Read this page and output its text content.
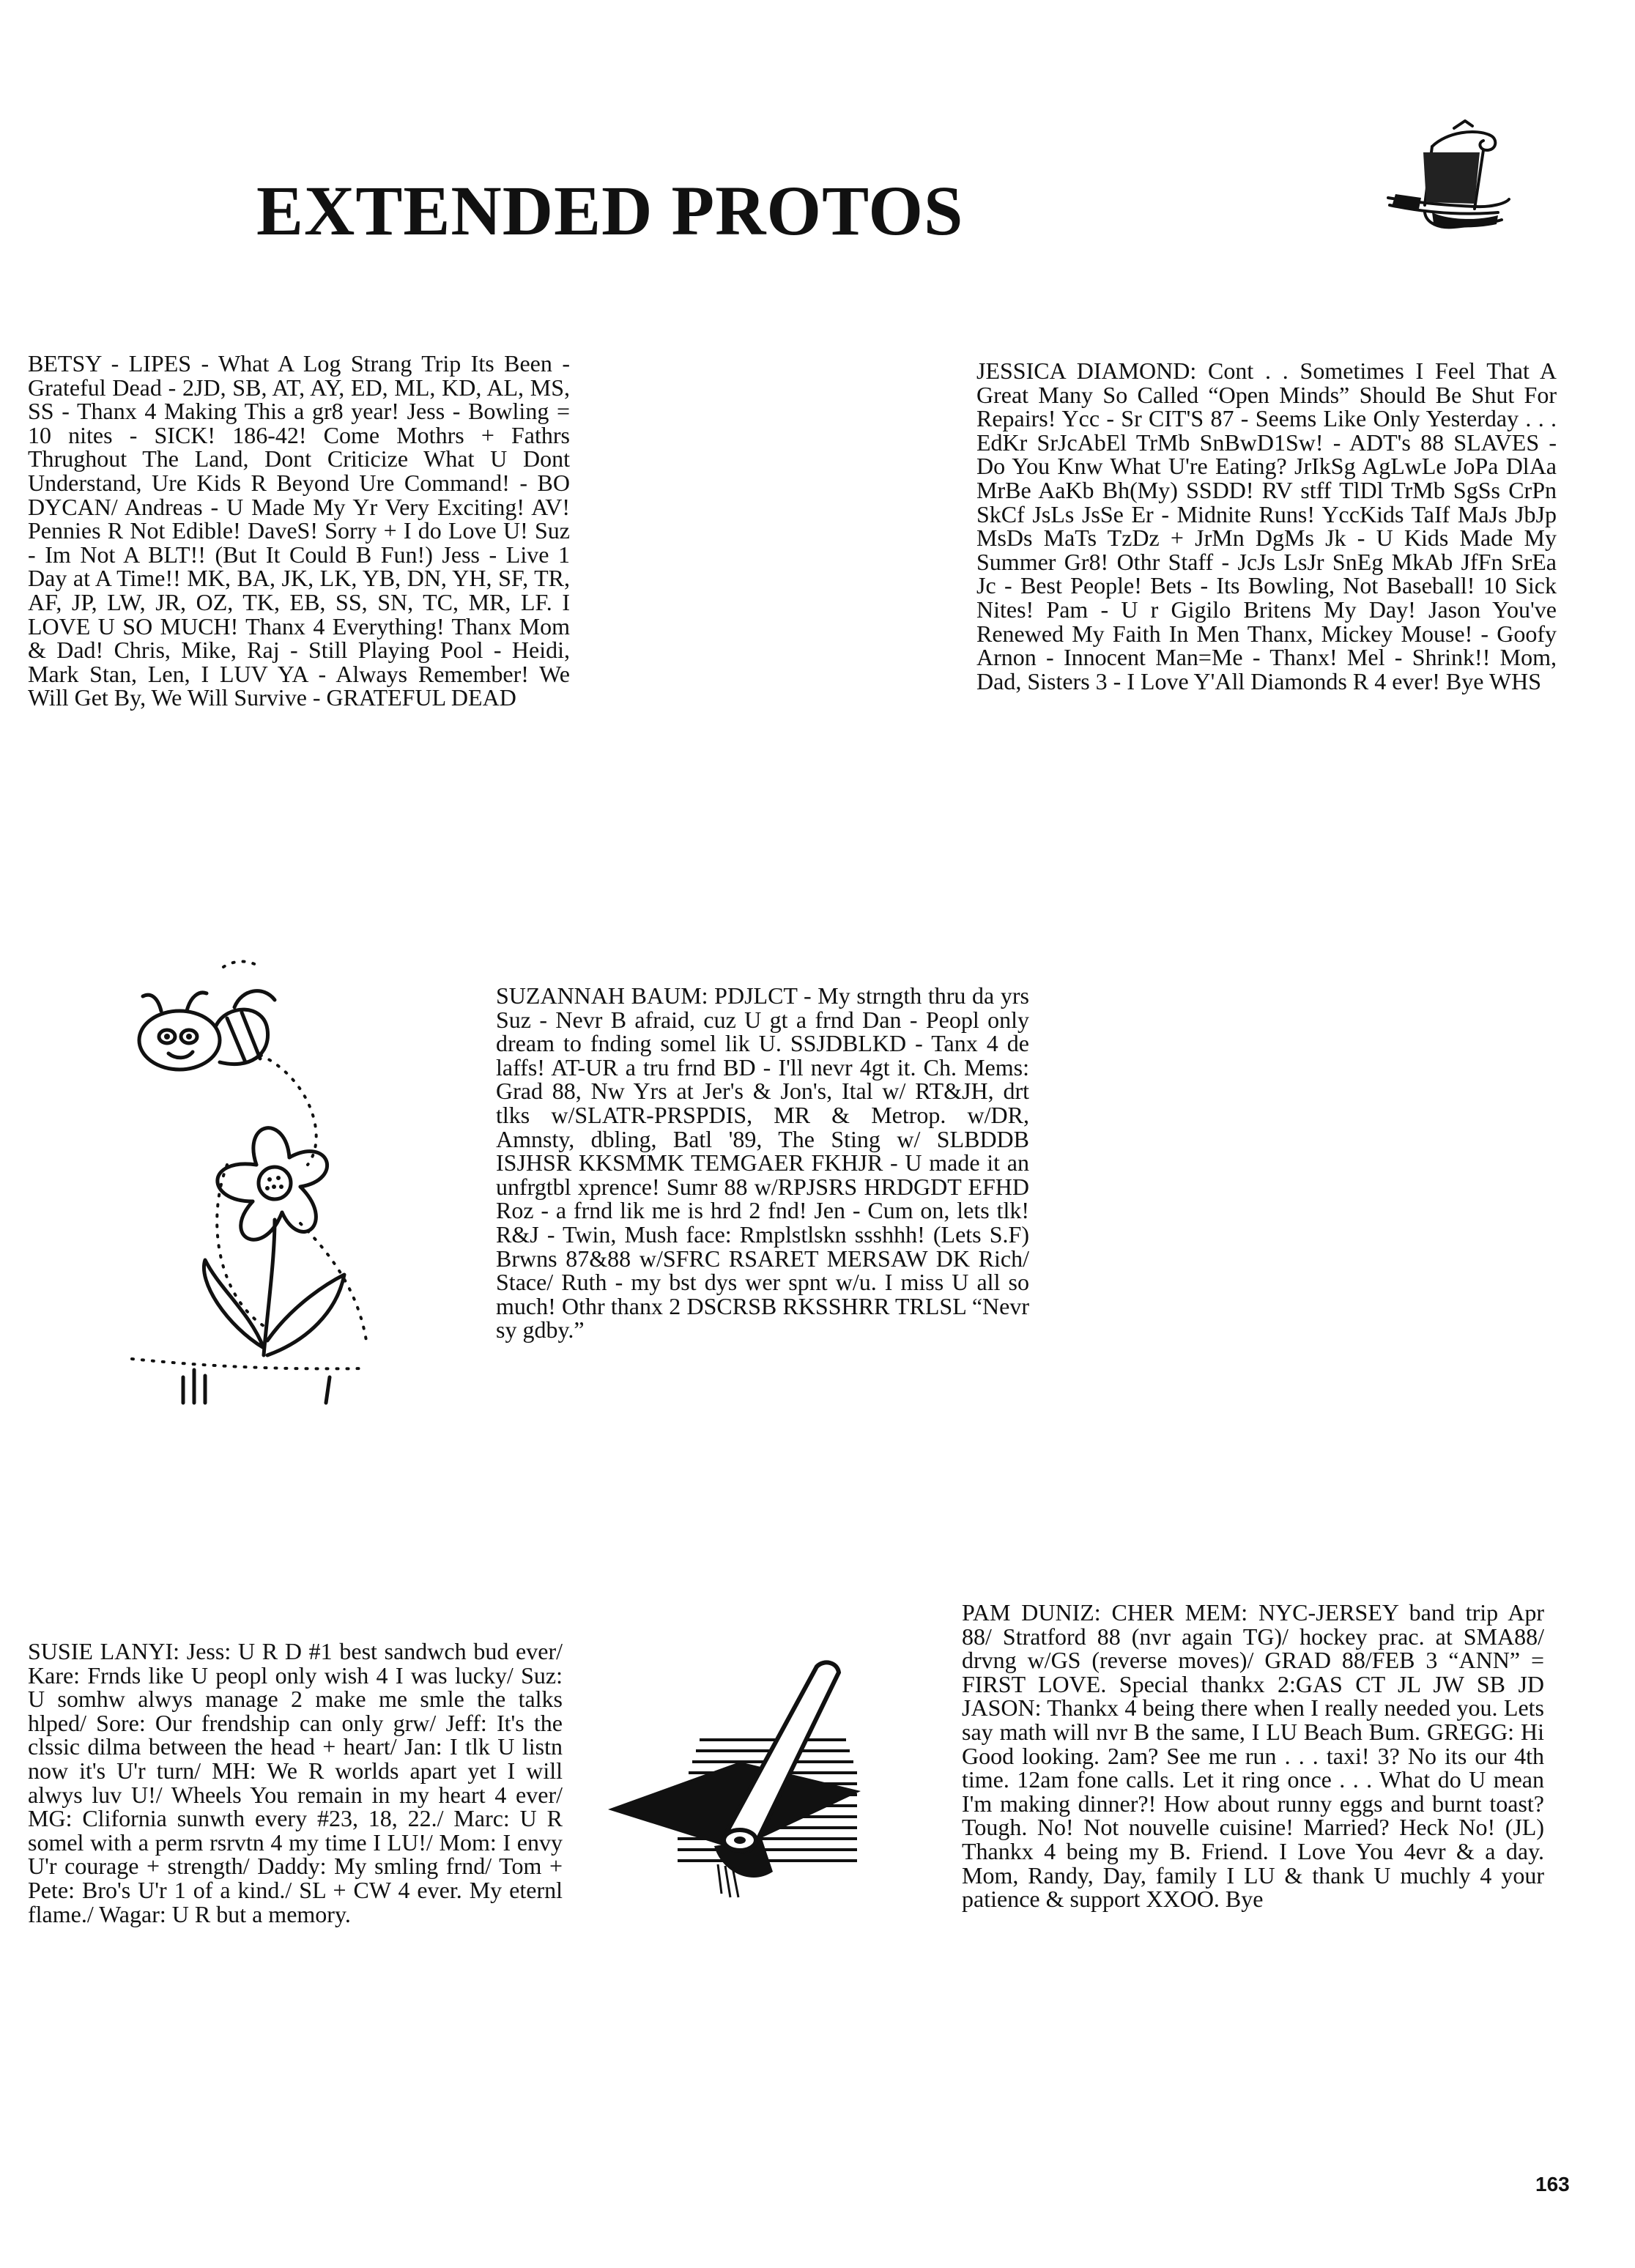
EXTENDED PROTOS

BETSY - LIPES - What A Log Strang Trip Its Been - Grateful Dead - 2JD, SB, AT, AY, ED, ML, KD, AL, MS, SS - Thanx 4 Making This a gr8 year! Jess - Bowling = 10 nites - SICK! 186-42! Come Mothrs + Fathrs Thrughout The Land, Dont Criticize What U Dont Understand, Ure Kids R Beyond Ure Command! - BO DYCAN/ Andreas - U Made My Yr Very Exciting! AV! Pennies R Not Edible! DaveS! Sorry + I do Love U! Suz - Im Not A BLT!! (But It Could B Fun!) Jess - Live 1 Day at A Time!! MK, BA, JK, LK, YB, DN, YH, SF, TR, AF, JP, LW, JR, OZ, TK, EB, SS, SN, TC, MR, LF. I LOVE U SO MUCH! Thanx 4 Everything! Thanx Mom & Dad! Chris, Mike, Raj - Still Playing Pool - Heidi, Mark Stan, Len, I LUV YA - Always Remember! We Will Get By, We Will Survive - GRATEFUL DEAD

JESSICA DIAMOND: Cont . . Sometimes I Feel That A Great Many So Called “Open Minds” Should Be Shut For Repairs! Ycc - Sr CIT'S 87 - Seems Like Only Yesterday . . . EdKr SrJcAbEl TrMb SnBwD1Sw! - ADT's 88 SLAVES - Do You Knw What U're Eating? JrIkSg AgLwLe JoPa DlAa MrBe AaKb Bh(My) SSDD! RV stff TlDl TrMb SgSs CrPn SkCf JsLs JsSe Er - Midnite Runs! YccKids TaIf MaJs JbJp MsDs MaTs TzDz + JrMn DgMs Jk - U Kids Made My Summer Gr8! Othr Staff - JcJs LsJr SnEg MkAb JfFn SrEa Jc - Best People! Bets - Its Bowling, Not Baseball! 10 Sick Nites! Pam - U r Gigilo Britens My Day! Jason You've Renewed My Faith In Men Thanx, Mickey Mouse! - Goofy Arnon - Innocent Man=Me - Thanx! Mel - Shrink!! Mom, Dad, Sisters 3 - I Love Y'All Diamonds R 4 ever! Bye WHS

SUZANNAH BAUM: PDJLCT - My strngth thru da yrs Suz - Nevr B afraid, cuz U gt a frnd Dan - Peopl only dream to fnding somel lik U. SSJDBLKD - Tanx 4 de laffs! AT-UR a tru frnd BD - I'll nevr 4gt it. Ch. Mems: Grad 88, Nw Yrs at Jer's & Jon's, Ital w/ RT&JH, drt tlks w/SLATR-PRSPDIS, MR & Metrop. w/DR, Amnsty, dbling, Batl '89, The Sting w/ SLBDDB ISJHSR KKSMMK TEMGAER FKHJR - U made it an unfrgtbl xprence! Sumr 88 w/RPJSRS HRDGDT EFHD Roz - a frnd lik me is hrd 2 fnd! Jen - Cum on, lets tlk! R&J - Twin, Mush face: Rmplstlskn ssshhh! (Lets S.F) Brwns 87&88 w/SFRC RSARET MERSAW DK Rich/ Stace/ Ruth - my bst dys wer spnt w/u. I miss U all so much! Othr thanx 2 DSCRSB RKSSHRR TRLSL “Nevr sy gdby.”

SUSIE LANYI: Jess: U R D #1 best sandwch bud ever/ Kare: Frnds like U peopl only wish 4 I was lucky/ Suz: U somhw alwys manage 2 make me smle the talks hlped/ Sore: Our frendship can only grw/ Jeff: It's the clssic dilma between the head + heart/ Jan: I tlk U listn now it's U'r turn/ MH: We R worlds apart yet I will alwys luv U!/ Wheels You remain in my heart 4 ever/ MG: Clifornia sunwth every #23, 18, 22./ Marc: U R somel with a perm rsrvtn 4 my time I LU!/ Mom: I envy U'r courage + strength/ Daddy: My smling frnd/ Tom + Pete: Bro's U'r 1 of a kind./ SL + CW 4 ever. My eternl flame./ Wagar: U R but a memory.

PAM DUNIZ: CHER MEM: NYC-JERSEY band trip Apr 88/ Stratford 88 (nvr again TG)/ hockey prac. at SMA88/ drvng w/GS (reverse moves)/ GRAD 88/FEB 3 “ANN” = FIRST LOVE. Special thankx 2:GAS CT JL JW SB JD JASON: Thankx 4 being there when I really needed you. Lets say math will nvr B the same, I LU Beach Bum. GREGG: Hi Good looking. 2am? See me run . . . taxi! 3? No its our 4th time. 12am fone calls. Let it ring once . . . What do U mean I'm making dinner?! How about runny eggs and burnt toast? Tough. No! Not nouvelle cuisine! Married? Heck No! (JL) Thankx 4 being my B. Friend. I Love You 4evr & a day. Mom, Randy, Day, family I LU & thank U muchly 4 your patience & support XXOO. Bye

163
